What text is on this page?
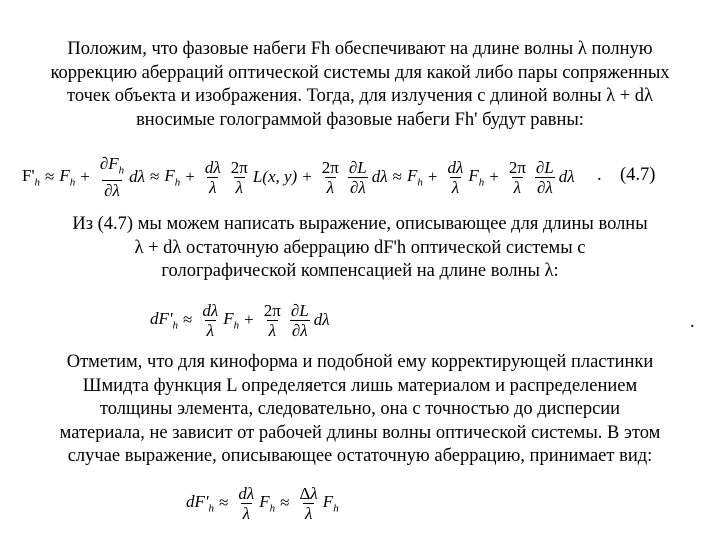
Положим, что фазовые набеги Fh обеспечивают на длине волны λ полную

коррекцию аберраций оптической системы для какой либо пары сопряженных

точек объекта и изображения. Тогда, для излучения с длиной волны λ + dλ

вносимые голограммой фазовые набеги Fh' будут равны:

$F'_h \approx F_h + \frac{\partial F_h}{\partial\lambda}$ $d\lambda \approx F_h + \frac{d\lambda}{\lambda} \frac{2\pi}{\lambda} L(x$, $y) + \frac{2\pi}{\lambda} \frac{\partial L}{\partial\lambda}$ $d\lambda \approx F_h + \frac{d\lambda}{\lambda} F_h + \frac{2\pi}{\lambda} \frac{\partial L}{\partial\lambda}$ dλ . (4.7)

Из (4.7) мы можем написать выражение, описывающее для длины волны

λ + dλ остаточную аберрацию dF'h оптической системы с

голографической компенсацией на длине волны λ:

$dF'_h \approx \frac{d\lambda}{\lambda} F_h + \frac{2\pi}{\lambda} \frac{\partial L}{\partial\lambda}$ dλ	.

Отметим, что для киноформа и подобной ему корректирующей пластинки

Шмидта функция L определяется лишь материалом и распределением

толщины элемента, следовательно, она с точностью до дисперсии

материала, не зависит от рабочей длины волны оптической системы. В этом

случае выражение, описывающее остаточную аберрацию, принимает вид:

$dF'_h \approx \frac{d\lambda}{\lambda} F_h \approx \frac{\Delta\lambda}{\lambda} F_h$
